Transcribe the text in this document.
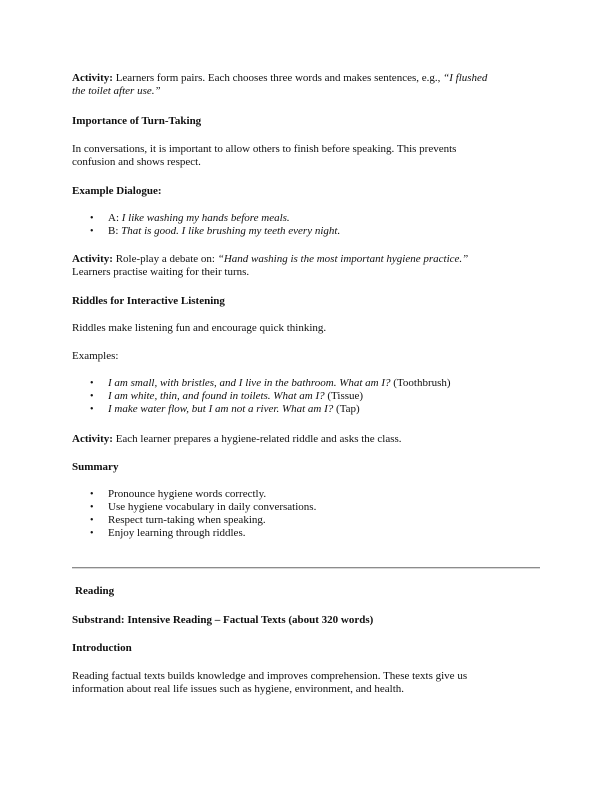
Activity: Learners form pairs. Each chooses three words and makes sentences, e.g., “I flushed

the toilet after use.”

Importance of Turn-Taking

In conversations, it is important to allow others to finish before speaking. This prevents

confusion and shows respect.

Example Dialogue:
• A: I like washing my hands before meals.
• B: That is good. I like brushing my teeth every night.

Activity: Role-play a debate on: “Hand washing is the most important hygiene practice.”

Learners practise waiting for their turns.

Riddles for Interactive Listening

Riddles make listening fun and encourage quick thinking.

Examples:

• I am small, with bristles, and I live in the bathroom. What am I? (Toothbrush)
• I am white, thin, and found in toilets. What am I? (Tissue)
• I make water flow, but I am not a river. What am I? (Tap)

Activity: Each learner prepares a hygiene-related riddle and asks the class.

Summary
• Pronounce hygiene words correctly.
• Use hygiene vocabulary in daily conversations.
• Respect turn-taking when speaking.
• Enjoy learning through riddles.
Reading
Substrand: Intensive Reading – Factual Texts (about 320 words)
Introduction

Reading factual texts builds knowledge and improves comprehension. These texts give us

information about real life issues such as hygiene, environment, and health.
